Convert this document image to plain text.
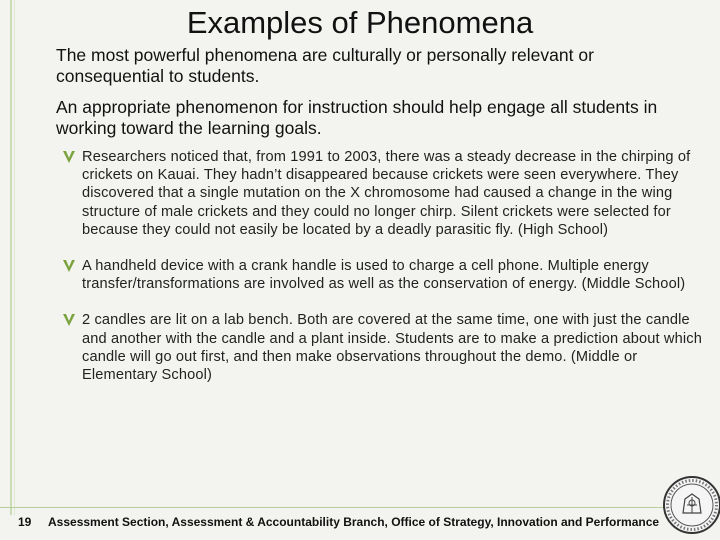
Examples of Phenomena
The most powerful phenomena are culturally or personally relevant or consequential to students.
An appropriate phenomenon for instruction should help engage all students in working toward the learning goals.
Researchers noticed that, from 1991 to 2003, there was a steady decrease in the chirping of crickets on Kauai. They hadn’t disappeared because crickets were seen everywhere. They discovered that a single mutation on the X chromosome had caused a change in the wing structure of male crickets and they could no longer chirp. Silent crickets were selected for because they could not easily be located by a deadly parasitic fly. (High School)
A handheld device with a crank handle is used to charge a cell phone. Multiple energy transfer/transformations are involved as well as the conservation of energy. (Middle School)
2 candles are lit on a lab bench. Both are covered at the same time, one with just the candle and another with the candle and a plant inside. Students are to make a prediction about which candle will go out first, and then make observations throughout the demo. (Middle or Elementary School)
19 Assessment Section, Assessment & Accountability Branch, Office of Strategy, Innovation and Performance
